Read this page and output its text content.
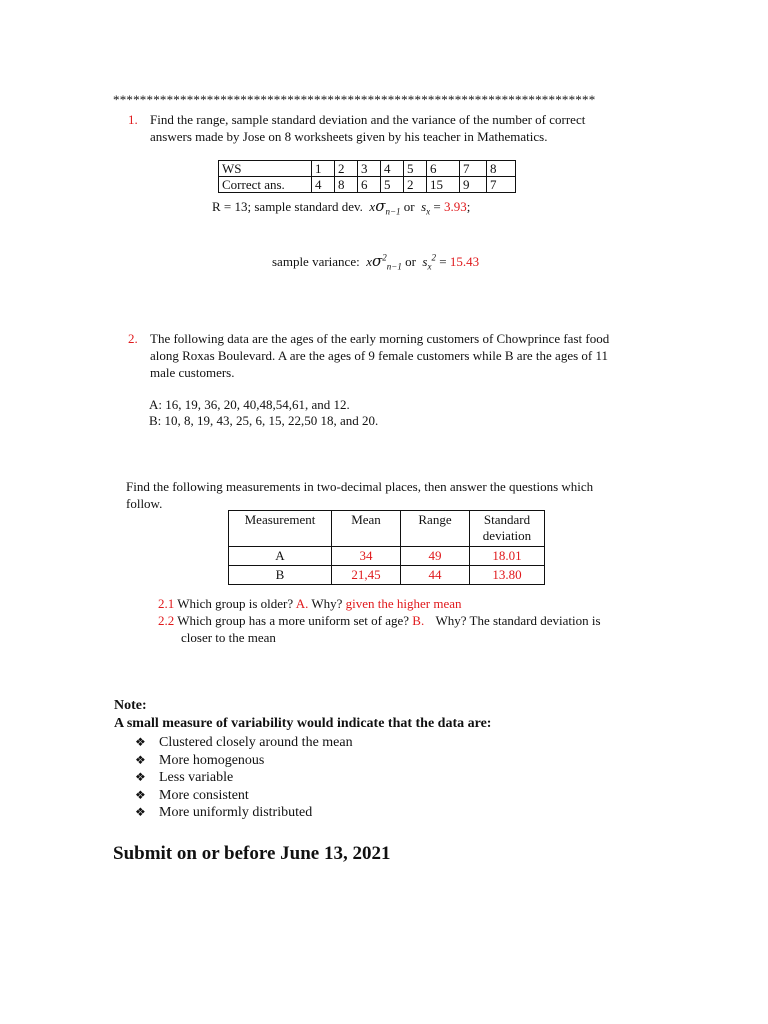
************************************************************************
1. Find the range, sample standard deviation and the variance of the number of correct
answers made by Jose on 8 worksheets given by his teacher in Mathematics.
WS	1	2	3	4	5	6	7	8
Correct ans.	4	8	6	5	2	15	9	7
R = 13; sample standard dev.  $x\sigma_{n-1}$ or  $s_x = 3.93$;
sample variance:  $x\sigma^2_{n-1}$ or  $s_x^2 = 15.43$
2. The following data are the ages of the early morning customers of Chowprince fast food
along Roxas Boulevard. A are the ages of 9 female customers while B are the ages of 11
male customers.
A: 16, 19, 36, 20, 40,48,54,61, and 12.
B: 10, 8, 19, 43, 25, 6, 15, 22,50 18, and 20.
Find the following measurements in two-decimal places, then answer the questions which
follow.
Measurement	Mean	Range	Standard deviation
A	34	49	18.01
B	21,45	44	13.80
2.1 Which group is older? A. Why? given the higher mean
2.2 Which group has a more uniform set of age? B. Why? The standard deviation is
closer to the mean
Note:
A small measure of variability would indicate that the data are:
❖ Clustered closely around the mean
❖ More homogenous
❖ Less variable
❖ More consistent
❖ More uniformly distributed
Submit on or before June 13, 2021
